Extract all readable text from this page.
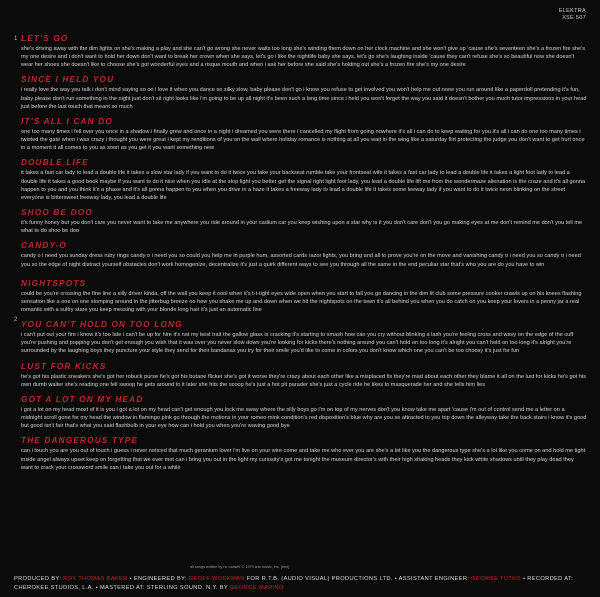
ELEKTRA
XSE 507
1
2
LET'S GO
she's driving away with the dim lights on she's making a play and she can't go wrong she never waits too long she's winding them down on her clock machine and she won't give up 'cause she's seventeen she's a frozen fire she's my one desire and i don't want to hold her down don't want to break her crown when she says, let's go i like the nightlife baby she says, let's go she's laughing inside 'cause they can't refuse she's so beautiful now she doesn't wear her shoes she doesn't like to choose she's got wonderful eyes and a risque mouth and when i ask her before she said she's holding out she's a frozen fire she's my one desire
SINCE I HELD YOU
i really love the way you talk i don't mind saying so oo i love it when you dance so silky slow, baby please don't go i know you refuse to get involved you won't help me out none you run around like a paperdoll pretending it's fun, baby please don't run something in the night just don't sit right looks like i'm going to be up all night it's been such a long time since i held you won't forget the way you said it doesn't bother you much tutor impressions in your head just before the last touch that meant so much
IT'S ALL I CAN DO
one too many times i fell over you once in a shadow i finally grew and once in a night i dreamed you were there i cancelled my flight from going nowhere it's all i can do to keep waiting for you it's all i can do one too many times i twisted the gate when i was crazy i thought you were great i kept my renditions of you on the wall where holiday romance is nothing at all you wait in the wing like a saturday flirt protecting the judge you don't want to get hurt once in a moment it all comes to you as soon as you get it you want something new
DOUBLE LIFE
it takes a fast car lady to lead a double life it takes a slow star lady if you want to do it twice you take your backseat rumble take your frontseat wife it takes a fast car lady to lead a double life it takes a light foot lady to lead a double life it takes a good book maybe if you want to do it nice when you idle at the stop light you better get the signal right light foot lady, you lead a double life lift me from the wondermaze alienation is the craze and it's all gonna happen to you and you think it's a phase and it's all gonna happen to you when you drive in a haze it takes a freeway lady to lead a double life it takes some leeway lady if you want to do it twice neon blinking on the street everyone is bittersweet freeway lady, you lead a double life
SHOO BE DOO
it's funny honey but you don't care you never want to take me anywhere you ride around in your cadium car you keep wishing upon a star why is it you don't care don't you go making eyes at me don't remind me don't you tell me what to do shoo be doo
CANDY-O
candy o i need you sunday dress ruby rings candy o i need you so could you help me in purple hum, assorted cards razor lights, you bring and all to prove you're on the move and vanishing candy o i need you so candy o i need you so the edge of night distract yourself obstacles don't work homogenize, decentralize it's just a quirk different ways to see you through all the same in the end peculiar star that's who you are do you have to win
NIGHTSPOTS
could be you're crossing the fine line a silly driver kinda, off the wall you keep it cool when it's t-t-tight eyes wide open when you start to fall you go dancing in the dim lit club some pressure cooker crawls up on his knees flashing sensation like a one on one stomping around in the jitterbug breeze oo how you shake me up and down when we hit the nightspots on the town it's all behind you when you do catch on you keep your lovers in a penny jar a real romantic with a sultry stare you keep messing with your blonde long hair it's just an automatic line
YOU CAN'T HOLD ON TOO LONG
i can't put out your fire i know it's too late i can't be up for hire it's not my best trait the gallow glass is cracking it's starting to smash how can you cry without blinking a lash you're feeling cross and wavy on the edge of the cuff you're pushing and popping you don't get enough you wish that it was over you never slow down you're looking for kicks there's nothing around you can't hold on too long it's alright you can't hold on too long it's alright you're surrounded by the laughing boys they puncture your style they send for their bandanas you try for their smile you'd like to come in colors you don't know which one you can't be too choosy it's just for fun
LUST FOR KICKS
he's got his plastic sneakers she's got her robuck purse he's got his butane flicker she's got it worse they're crazy about each other like a misplaced fix they're mad about each other they blame it all on the lust for kicks he's got his own dumb waiter she's reading one fell swoop he gets around to it later she hits the scoop he's just a hot pit parader she's just a cycle ride he likes to masquerade her and she tells him lies
GOT A LOT ON MY HEAD
i got a lot on my head most of it is you i got a lot on my head can't get enough you lock me away where the silly boys go i'm on top of my nerves don't you know take me apart 'cause i'm out of control send me a letter on a midnight scroll gone for my head the window in flamingo pink go through the motions in your romeo mink condition's red disposition's blue why are you so attracted to you trip down the alleyway take the back stairs i know it's good but good isn't fair that's what you said flashbulb in your eye how can i hold you when you're waving good bye
THE DANGEROUS TYPE
can i touch you are you out of touch i guess i never noticed that much geranium lover i'm live on your wire come and take me who ever you are she's a lot like you the dangerous type she's a lot like you come on and hold me tight inside angel always upset keep on forgetting that we ever met can i bring you out in the light my curiosity's got me tonight the museum director's with their high shaking heads they kick white shadows until they play dead they want to crack your crossword smile can i take you out for a while
all songs written by ric ocasek © 1979 lido music, inc. (bmi)
PRODUCED BY: ROY THOMAS BAKER • ENGINEERED BY: GEOFF WORKMAN FOR R.T.B. (AUDIO VISUAL) PRODUCTIONS LTD. • ASSISTANT ENGINEER: GEORGE TUTKO • RECORDED AT: CHEROKEE STUDIOS, L.A. • MASTERED AT: STERLING SOUND, N.Y. BY GEORGE MARINO
